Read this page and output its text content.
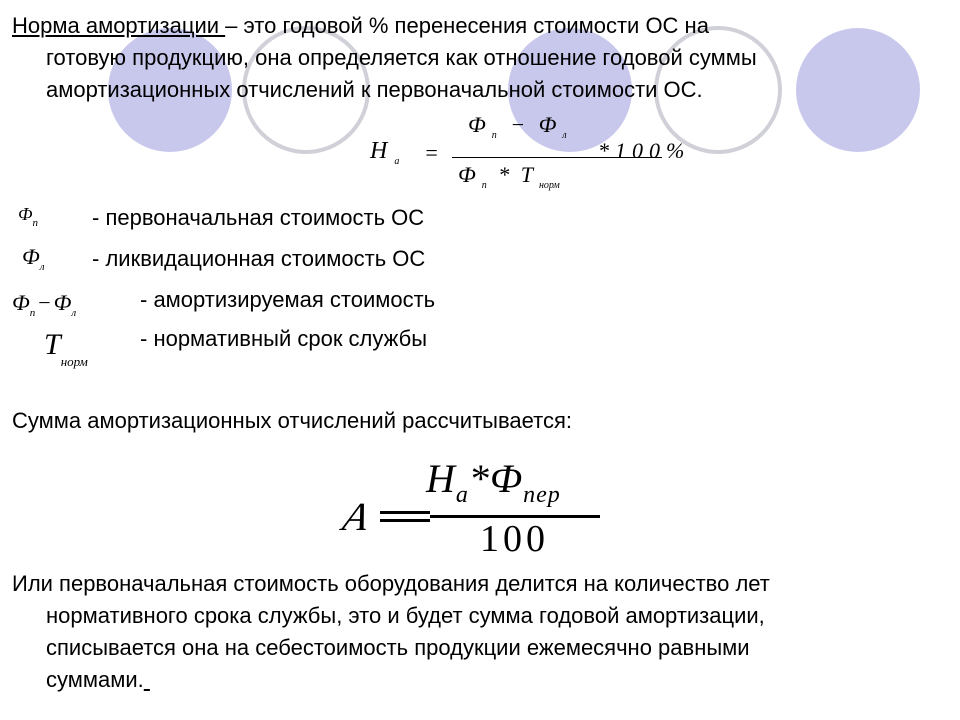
Норма амортизации – это годовой % перенесения стоимости ОС на
готовую продукцию, она определяется как отношение годовой суммы
амортизационных отчислений к первоначальной стоимости ОС.
Н $_а$ =
Ф $_п$ − Ф $_л$
Ф $_п$ * Т $_{норм}$
*100%
$Ф_п$ - первоначальная стоимость ОС
$Ф_л$ - ликвидационная стоимость ОС
$Ф_п - Ф_л$
- амортизируемая стоимость
$Т_{норм}$
- нормативный срок службы
Сумма амортизационных отчислений рассчитывается:
А
$Н_а*Ф_{пер}$
100
Или первоначальная стоимость оборудования делится на количество лет
нормативного срока службы, это и будет сумма годовой амортизации,
списывается она на себестоимость продукции ежемесячно равными
суммами.
